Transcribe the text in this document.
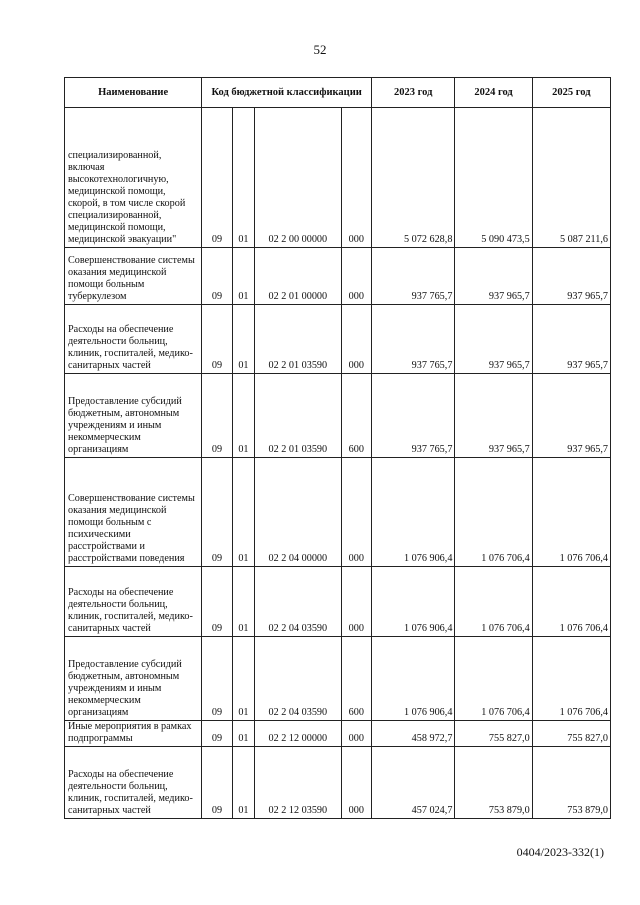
52
Наименование	Код бюджетной классификации				2023 год	2024 год	2025 год
специализированной, включая высокотехнологичную, медицинской помощи, скорой, в том числе скорой специализированной, медицинской помощи, медицинской эвакуации"	09	01	02 2 00 00000	000	5 072 628,8	5 090 473,5	5 087 211,6
Совершенствование системы оказания медицинской помощи больным туберкулезом	09	01	02 2 01 00000	000	937 765,7	937 965,7	937 965,7
Расходы на обеспечение деятельности больниц, клиник, госпиталей, медико-санитарных частей	09	01	02 2 01 03590	000	937 765,7	937 965,7	937 965,7
Предоставление субсидий бюджетным, автономным учреждениям и иным некоммерческим организациям	09	01	02 2 01 03590	600	937 765,7	937 965,7	937 965,7
Совершенствование системы оказания медицинской помощи больным с психическими расстройствами и расстройствами поведения	09	01	02 2 04 00000	000	1 076 906,4	1 076 706,4	1 076 706,4
Расходы на обеспечение деятельности больниц, клиник, госпиталей, медико-санитарных частей	09	01	02 2 04 03590	000	1 076 906,4	1 076 706,4	1 076 706,4
Предоставление субсидий бюджетным, автономным учреждениям и иным некоммерческим организациям	09	01	02 2 04 03590	600	1 076 906,4	1 076 706,4	1 076 706,4
Иные мероприятия в рамках подпрограммы	09	01	02 2 12 00000	000	458 972,7	755 827,0	755 827,0
Расходы на обеспечение деятельности больниц, клиник, госпиталей, медико-санитарных частей	09	01	02 2 12 03590	000	457 024,7	753 879,0	753 879,0
0404/2023-332(1)
